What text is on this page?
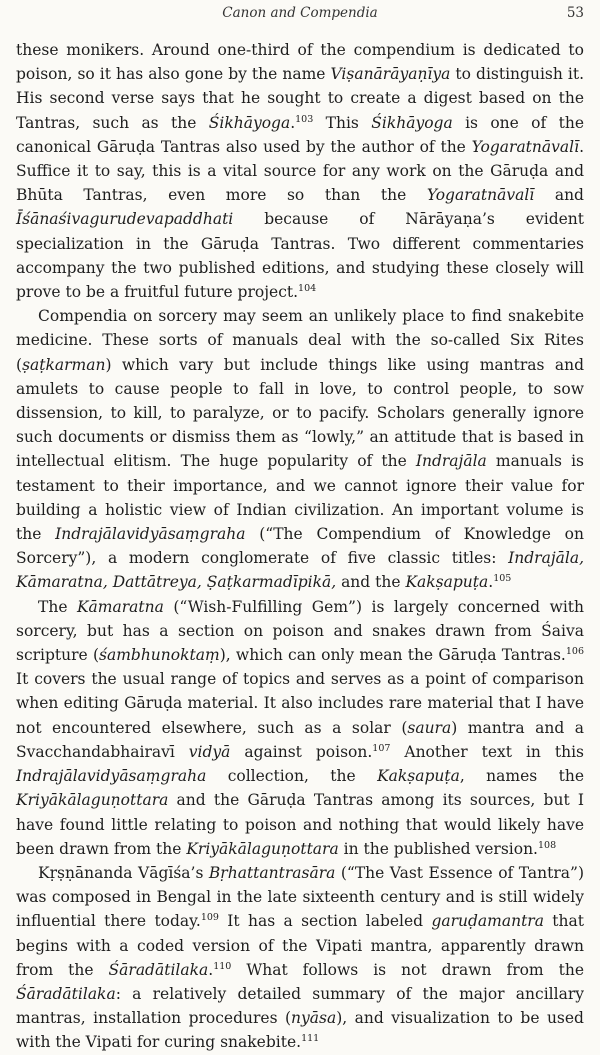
Canon and Compendia	53

these monikers. Around one-third of the compendium is dedicated to poison, so it has also gone by the name Viṣanārāyaṇīya to distinguish it. His second verse says that he sought to create a digest based on the Tantras, such as the Śikhāyoga.$^{103}$ This Śikhāyoga is one of the canonical Gāruḍa Tantras also used by the author of the Yogaratnāvalī. Suffice it to say, this is a vital source for any work on the Gāruḍa and Bhūta Tantras, even more so than the Yogaratnāvalī and Īśānaśivagurudevapaddhati because of Nārāyaṇa’s evident specialization in the Gāruḍa Tantras. Two different commentaries accompany the two published editions, and studying these closely will prove to be a fruitful future project.$^{104}$

Compendia on sorcery may seem an unlikely place to find snakebite medicine. These sorts of manuals deal with the so-called Six Rites (ṣaṭkarman) which vary but include things like using mantras and amulets to cause people to fall in love, to control people, to sow dissension, to kill, to paralyze, or to pacify. Scholars generally ignore such documents or dismiss them as “lowly,” an attitude that is based in intellectual elitism. The huge popularity of the Indrajāla manuals is testament to their importance, and we cannot ignore their value for building a holistic view of Indian civilization. An important volume is the Indrajālavidyāsaṃgraha (“The Compendium of Knowledge on Sorcery”), a modern conglomerate of five classic titles: Indrajāla, Kāmaratna, Dattātreya, Ṣaṭkarmadīpikā, and the Kakṣapuṭa.$^{105}$

The Kāmaratna (“Wish-Fulfilling Gem”) is largely concerned with sorcery, but has a section on poison and snakes drawn from Śaiva scripture (śambhunoktaṃ), which can only mean the Gāruḍa Tantras.$^{106}$ It covers the usual range of topics and serves as a point of comparison when editing Gāruḍa material. It also includes rare material that I have not encountered elsewhere, such as a solar (saura) mantra and a Svacchandabhairavī vidyā against poison.$^{107}$ Another text in this Indrajālavidyāsaṃgraha collection, the Kakṣapuṭa, names the Kriyākālaguṇottara and the Gāruḍa Tantras among its sources, but I have found little relating to poison and nothing that would likely have been drawn from the Kriyākālaguṇottara in the published version.$^{108}$

Kṛṣṇānanda Vāgīśa’s Bṛhattantrasāra (“The Vast Essence of Tantra”) was composed in Bengal in the late sixteenth century and is still widely influential there today.$^{109}$ It has a section labeled garuḍamantra that begins with a coded version of the Vipati mantra, apparently drawn from the Śāradātilaka.$^{110}$ What follows is not drawn from the Śāradātilaka: a relatively detailed summary of the major ancillary mantras, installation procedures (nyāsa), and visualization to be used with the Vipati for curing snakebite.$^{111}$
